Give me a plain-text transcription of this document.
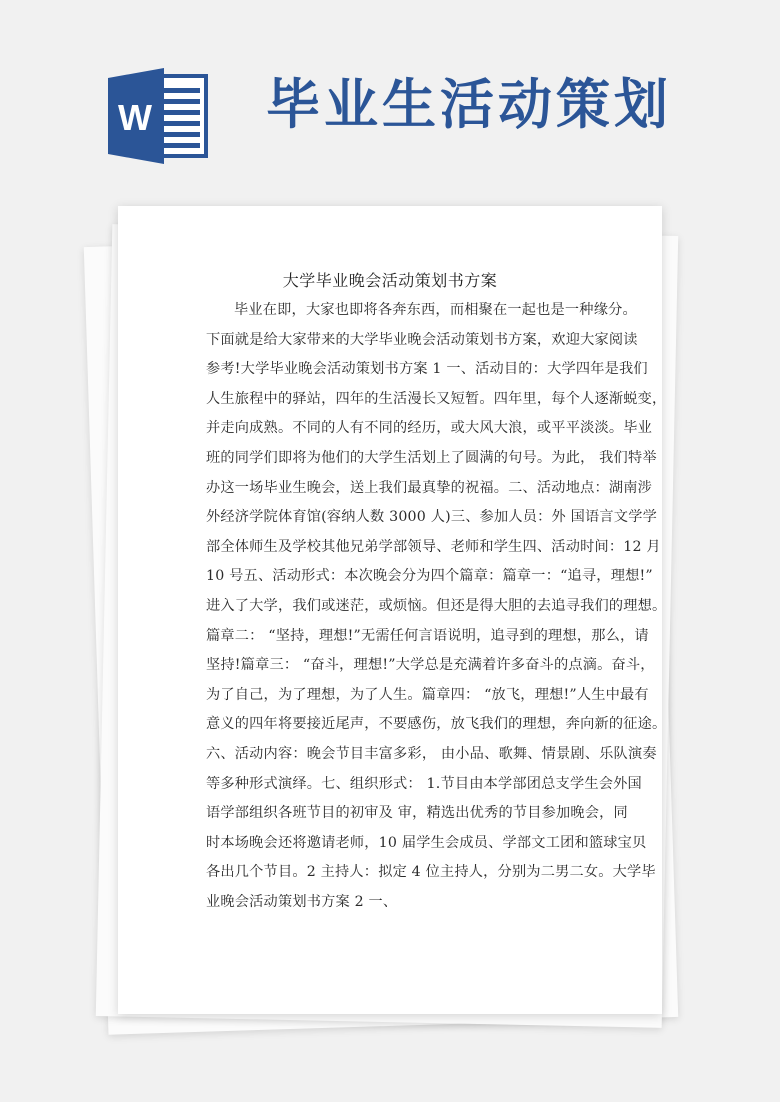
W 毕业生活动策划
大学毕业晚会活动策划书方案
毕业在即，大家也即将各奔东西，而相聚在一起也是一种缘分。
下面就是给大家带来的大学毕业晚会活动策划书方案，欢迎大家阅读
参考!大学毕业晚会活动策划书方案 1 一、活动目的：大学四年是我们
人生旅程中的驿站，四年的生活漫长又短暂。四年里，每个人逐渐蜕变，
并走向成熟。不同的人有不同的经历，或大风大浪，或平平淡淡。毕业
班的同学们即将为他们的大学生活划上了圆满的句号。为此， 我们特举
办这一场毕业生晚会，送上我们最真挚的祝福。二、活动地点：湖南涉
外经济学院体育馆(容纳人数 3000 人)三、参加人员：外 国语言文学学
部全体师生及学校其他兄弟学部领导、老师和学生四、活动时间：12 月
10 号五、活动形式：本次晚会分为四个篇章：篇章一：“追寻，理想!”
进入了大学，我们或迷茫，或烦恼。但还是得大胆的去追寻我们的理想。
篇章二： “坚持，理想!”无需任何言语说明，追寻到的理想，那么，请
坚持!篇章三： “奋斗，理想!”大学总是充满着许多奋斗的点滴。奋斗，
为了自己，为了理想，为了人生。篇章四： “放飞，理想!”人生中最有
意义的四年将要接近尾声，不要感伤，放飞我们的理想，奔向新的征途。
六、活动内容：晚会节目丰富多彩， 由小品、歌舞、情景剧、乐队演奏
等多种形式演绎。七、组织形式： 1.节目由本学部团总支学生会外国
语学部组织各班节目的初审及 审，精选出优秀的节目参加晚会，同
时本场晚会还将邀请老师，10 届学生会成员、学部文工团和篮球宝贝
各出几个节目。2 主持人：拟定 4 位主持人，分别为二男二女。大学毕
业晚会活动策划书方案 2 一、
